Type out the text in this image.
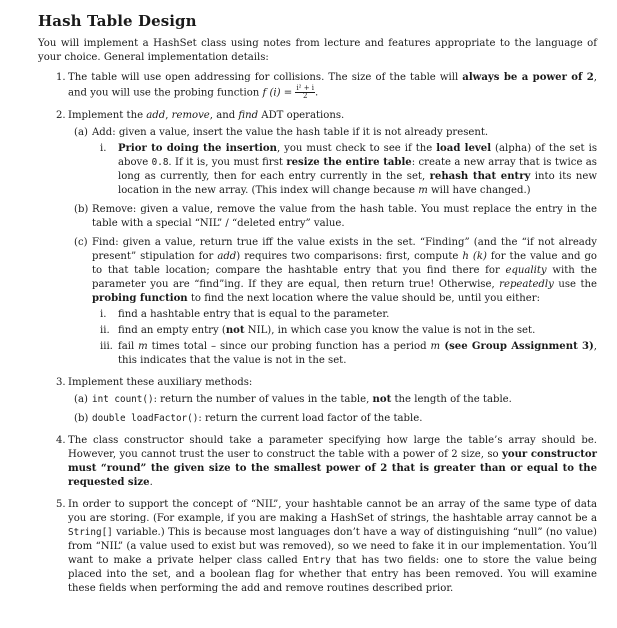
Hash Table Design

You will implement a HashSet class using notes from lecture and features appropriate to the language of your choice. General implementation details:

1. The table will use open addressing for collisions. The size of the table will always be a power of 2, and you will use the probing function f $(i) = \frac{\text{i² + i}}{2}$ .
2. Implement the add, remove, and find ADT operations.
(a) Add: given a value, insert the value the hash table if it is not already present.
i. Prior to doing the insertion, you must check to see if the load level (alpha) of the set is above 0.8. If it is, you must first resize the entire table: create a new array that is twice as long as currently, then for each entry currently in the set, rehash that entry into its new location in the new array. (This index will change because m will have changed.)
(b) Remove: given a value, remove the value from the hash table. You must replace the entry in the table with a special “NIL” / “deleted entry” value.
(c) Find: given a value, return true iff the value exists in the set. “Finding” (and the “if not already present” stipulation for add) requires two comparisons: first, compute h (k) for the value and go to that table location; compare the hashtable entry that you find there for equality with the parameter you are “find”ing. If they are equal, then return true! Otherwise, repeatedly use the probing function to find the next location where the value should be, until you either:
i. find a hashtable entry that is equal to the parameter.
ii. find an empty entry (not NIL), in which case you know the value is not in the set.
iii. fail m times total – since our probing function has a period m (see Group Assignment 3), this indicates that the value is not in the set.
3. Implement these auxiliary methods:
(a) int count(): return the number of values in the table, not the length of the table.
(b) double loadFactor(): return the current load factor of the table.
4. The class constructor should take a parameter specifying how large the table’s array should be. However, you cannot trust the user to construct the table with a power of 2 size, so your constructor must “round” the given size to the smallest power of 2 that is greater than or equal to the requested size.
5. In order to support the concept of “NIL”, your hashtable cannot be an array of the same type of data you are storing. (For example, if you are making a HashSet of strings, the hashtable array cannot be a String[] variable.) This is because most languages don’t have a way of distinguishing “null” (no value) from “NIL” (a value used to exist but was removed), so we need to fake it in our implementation. You’ll want to make a private helper class called Entry that has two fields: one to store the value being placed into the set, and a boolean flag for whether that entry has been removed. You will examine these fields when performing the add and remove routines described prior.
